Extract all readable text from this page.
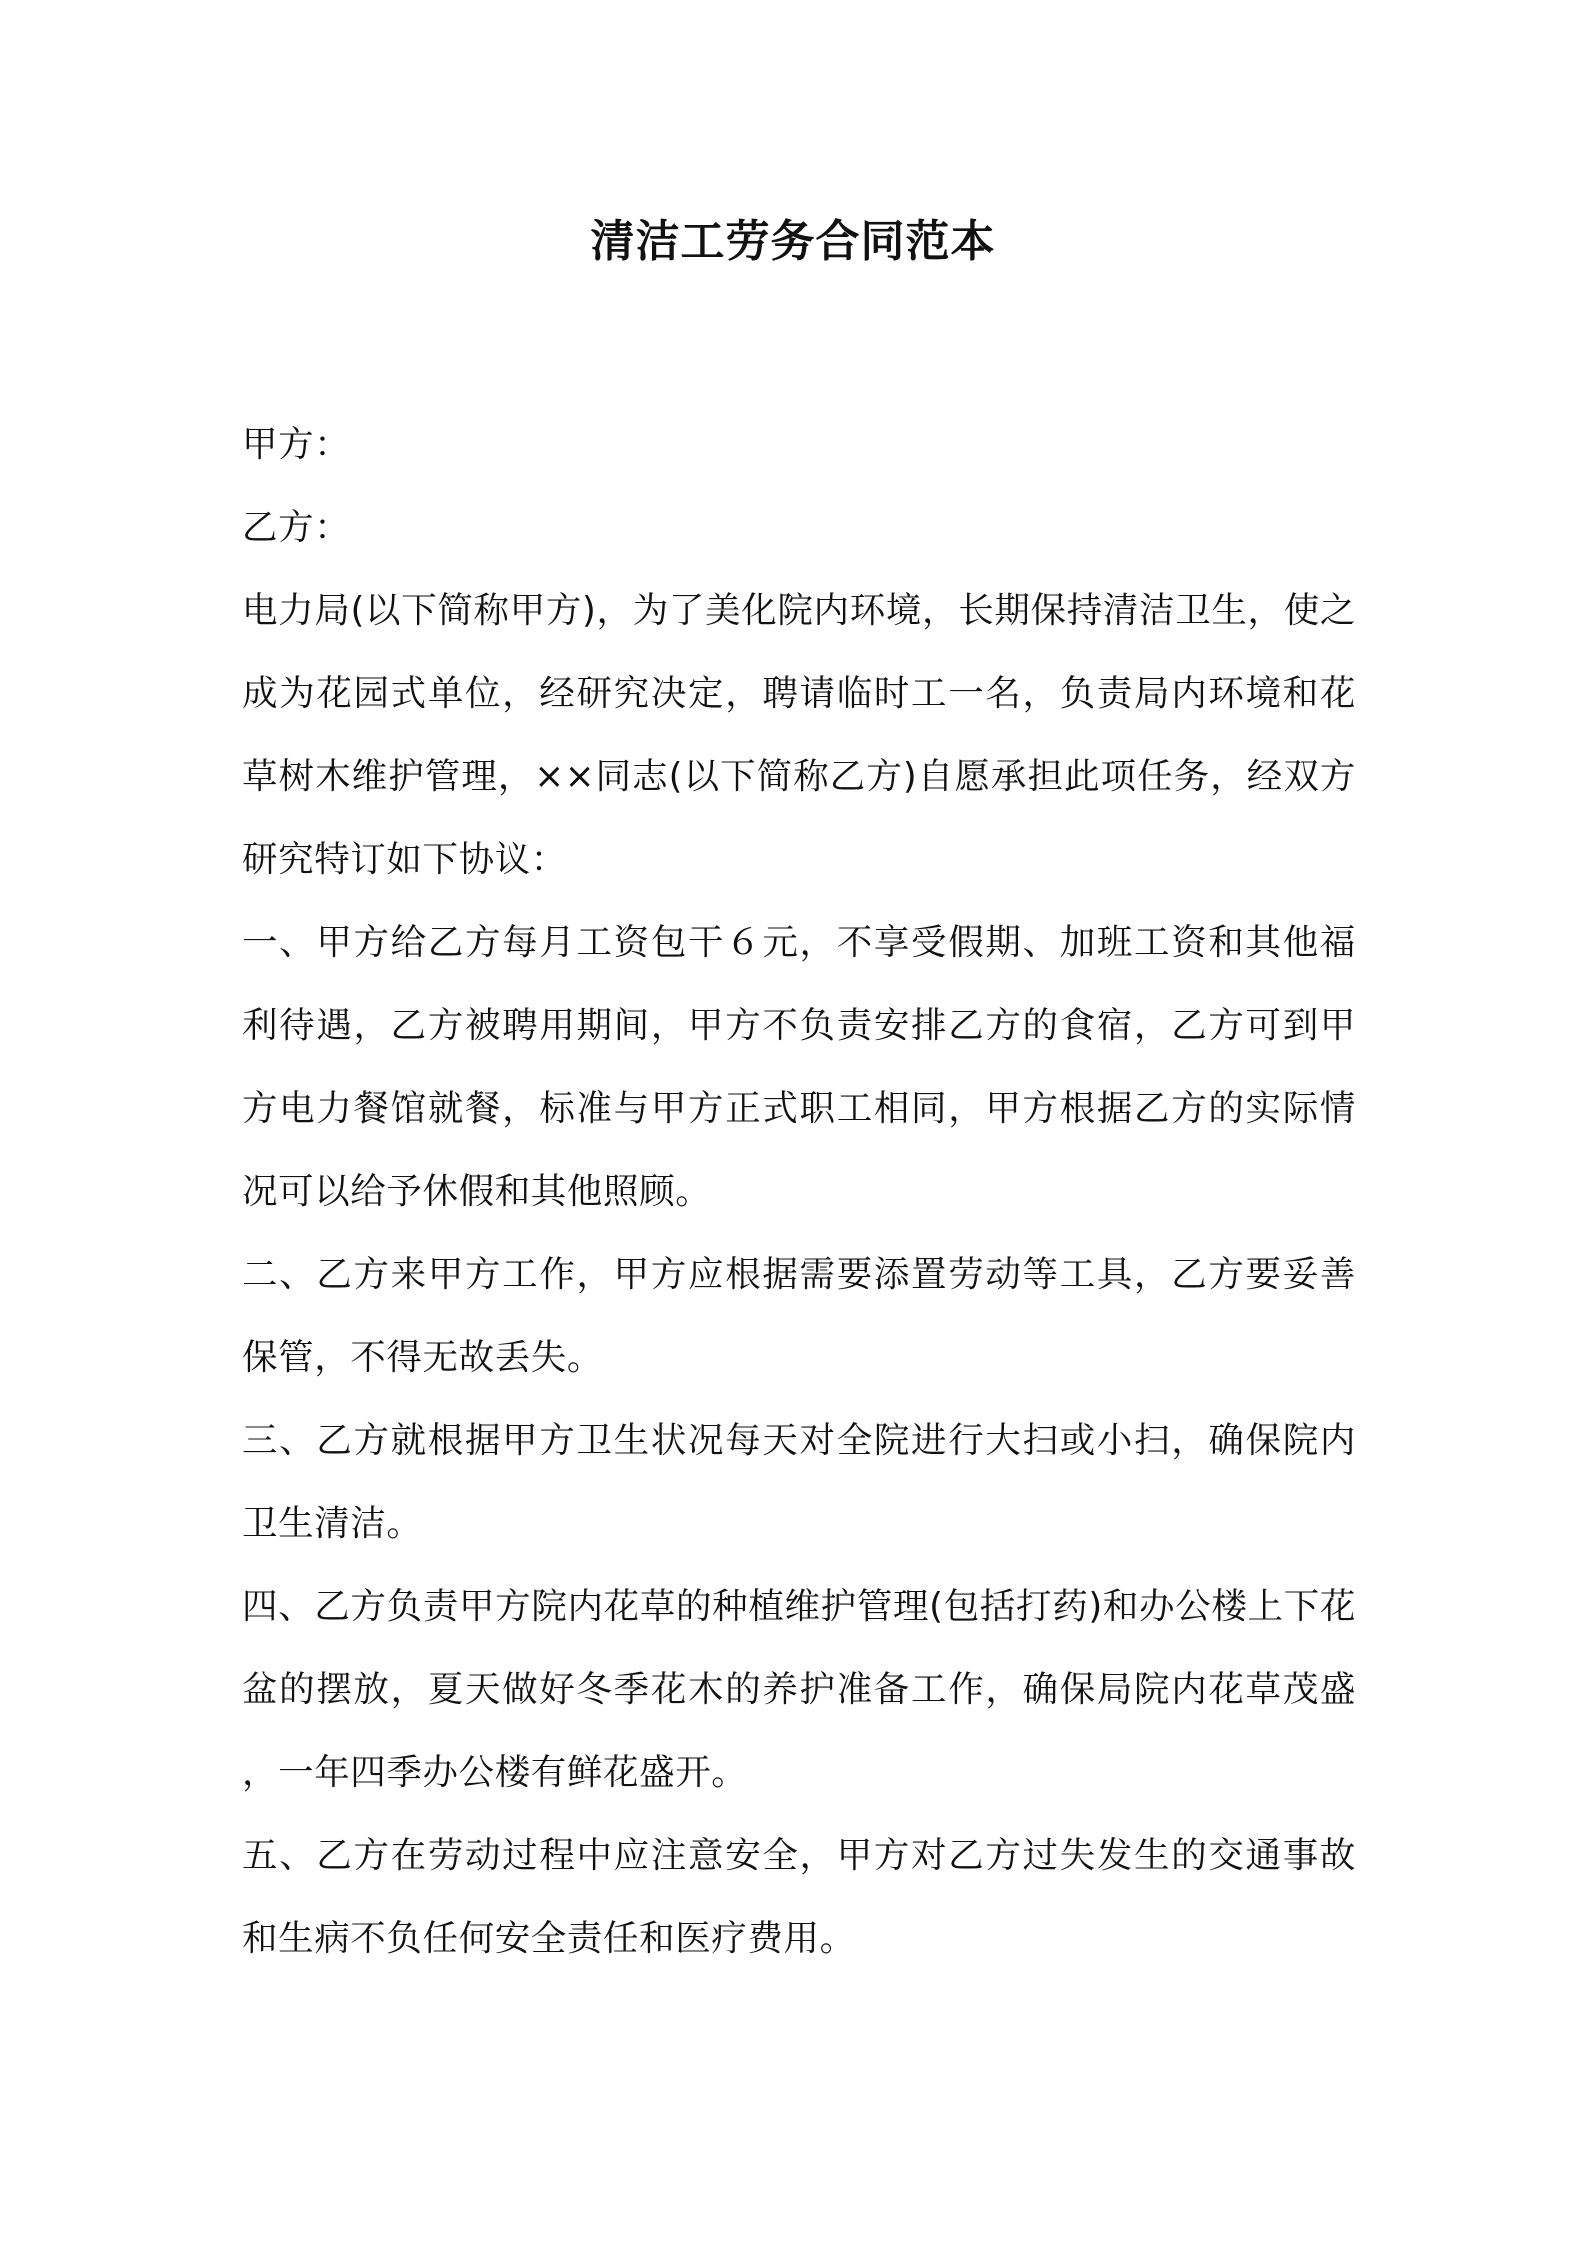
清洁工劳务合同范本

甲方：

乙方：

电力局(以下简称甲方)，为了美化院内环境，长期保持清洁卫生，使之成为花园式单位，经研究决定，聘请临时工一名，负责局内环境和花草树木维护管理，××同志(以下简称乙方)自愿承担此项任务，经双方研究特订如下协议：

一、甲方给乙方每月工资包干６元，不享受假期、加班工资和其他福利待遇，乙方被聘用期间，甲方不负责安排乙方的食宿，乙方可到甲方电力餐馆就餐，标准与甲方正式职工相同，甲方根据乙方的实际情况可以给予休假和其他照顾。

二、乙方来甲方工作，甲方应根据需要添置劳动等工具，乙方要妥善保管，不得无故丢失。

三、乙方就根据甲方卫生状况每天对全院进行大扫或小扫，确保院内卫生清洁。

四、乙方负责甲方院内花草的种植维护管理(包括打药)和办公楼上下花盆的摆放，夏天做好冬季花木的养护准备工作，确保局院内花草茂盛，一年四季办公楼有鲜花盛开。

五、乙方在劳动过程中应注意安全，甲方对乙方过失发生的交通事故和生病不负任何安全责任和医疗费用。
